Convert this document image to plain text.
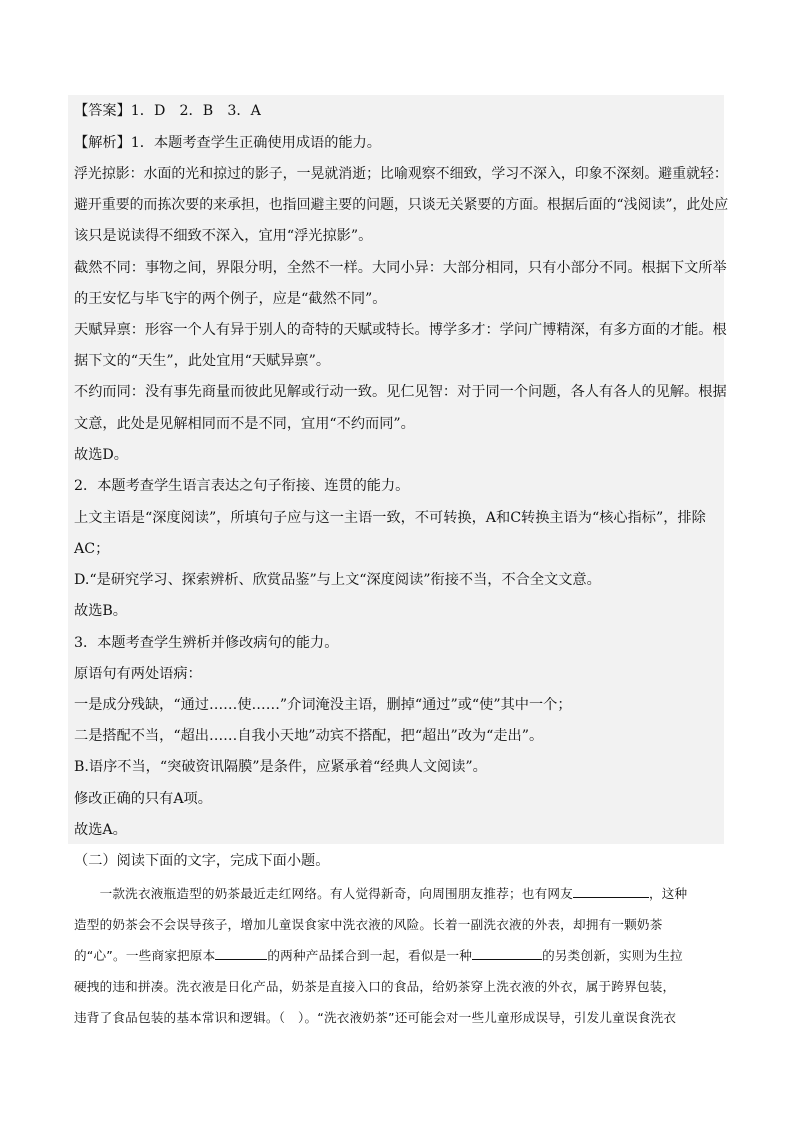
【答案】1．D　2．B　3．A
【解析】1．本题考查学生正确使用成语的能力。
浮光掠影：水面的光和掠过的影子，一晃就消逝；比喻观察不细致，学习不深入，印象不深刻。避重就轻：
避开重要的而拣次要的来承担，也指回避主要的问题，只谈无关紧要的方面。根据后面的“浅阅读”，此处应
该只是说读得不细致不深入，宜用“浮光掠影”。
截然不同：事物之间，界限分明，全然不一样。大同小异：大部分相同，只有小部分不同。根据下文所举
的王安忆与毕飞宇的两个例子，应是“截然不同”。
天赋异禀：形容一个人有异于别人的奇特的天赋或特长。博学多才：学问广博精深，有多方面的才能。根
据下文的“天生”，此处宜用“天赋异禀”。
不约而同：没有事先商量而彼此见解或行动一致。见仁见智：对于同一个问题，各人有各人的见解。根据
文意，此处是见解相同而不是不同，宜用“不约而同”。
故选D。
2．本题考查学生语言表达之句子衔接、连贯的能力。
上文主语是“深度阅读”，所填句子应与这一主语一致，不可转换，A和C转换主语为“核心指标”，排除
AC；
D.“是研究学习、探索辨析、欣赏品鉴”与上文“深度阅读”衔接不当，不合全文文意。
故选B。
3．本题考查学生辨析并修改病句的能力。
原语句有两处语病：
一是成分残缺，“通过……使……”介词淹没主语，删掉“通过”或“使”其中一个；
二是搭配不当，“超出……自我小天地”动宾不搭配，把“超出”改为“走出”。
B.语序不当，“突破资讯隔膜”是条件，应紧承着“经典人文阅读”。
修改正确的只有A项。
故选A。
（二）阅读下面的文字，完成下面小题。
　　一款洗衣液瓶造型的奶茶最近走红网络。有人觉得新奇，向周围朋友推荐；也有网友	，这种
造型的奶茶会不会误导孩子，增加儿童误食家中洗衣液的风险。长着一副洗衣液的外表，却拥有一颗奶茶
的“心”。一些商家把原本	的两种产品揉合到一起，看似是一种	的另类创新，实则为生拉
硬拽的违和拼凑。洗衣液是日化产品，奶茶是直接入口的食品，给奶茶穿上洗衣液的外衣，属于跨界包装，
违背了食品包装的基本常识和逻辑。（　）。“洗衣液奶茶”还可能会对一些儿童形成误导，引发儿童误食洗衣
